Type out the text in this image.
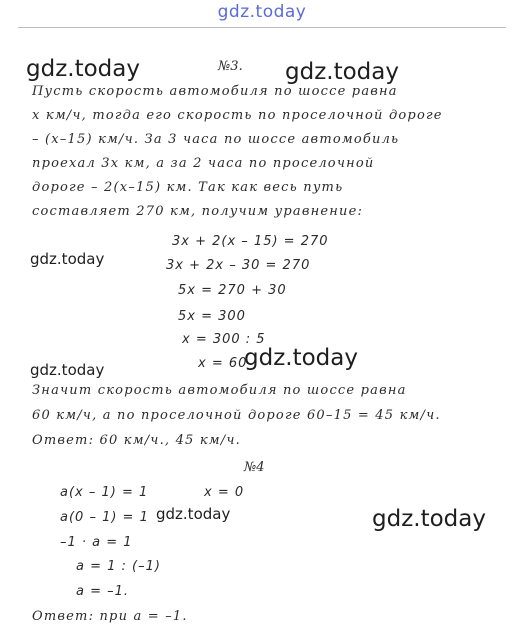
gdz.today
gdz.today	gdz.today
gdz.today
gdz.today	gdz.today
gdz.today	gdz.today
№3.
Пусть скорость автомобиля по шоссе равна
x км/ч, тогда его скорость по проселочной дороге
– (x–15) км/ч. За 3 часа по шоссе автомобиль
проехал 3x км, а за 2 часа по проселочной
дороге – 2(x–15) км. Так как весь путь
составляет 270 км, получим уравнение:
3x + 2(x – 15) = 270
3x + 2x – 30 = 270
5x = 270 + 30
5x = 300
x = 300 : 5
x = 60
Значит скорость автомобиля по шоссе равна
60 км/ч, а по проселочной дороге 60–15 = 45 км/ч.
Ответ: 60 км/ч., 45 км/ч.
№4
a(x – 1) = 1	x = 0
a(0 – 1) = 1
–1 · a = 1
a = 1 : (–1)
a = –1.
Ответ: при a = –1.
